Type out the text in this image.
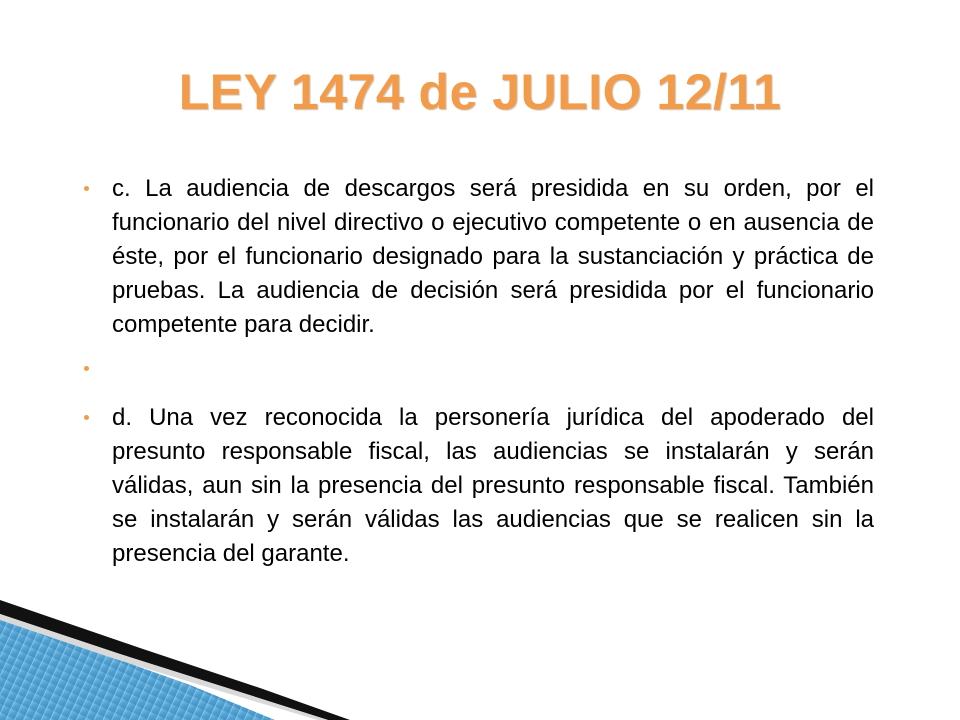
LEY 1474 de JULIO 12/11
c. La audiencia de descargos será presidida en su orden, por el funcionario del nivel directivo o ejecutivo competente o en ausencia de éste, por el funcionario designado para la sustanciación y práctica de pruebas. La audiencia de decisión será presidida por el funcionario competente para decidir.
d. Una vez reconocida la personería jurídica del apoderado del presunto responsable fiscal, las audiencias se instalarán y serán válidas, aun sin la presencia del presunto responsable fiscal. También se instalarán y serán válidas las audiencias que se realicen sin la presencia del garante.
